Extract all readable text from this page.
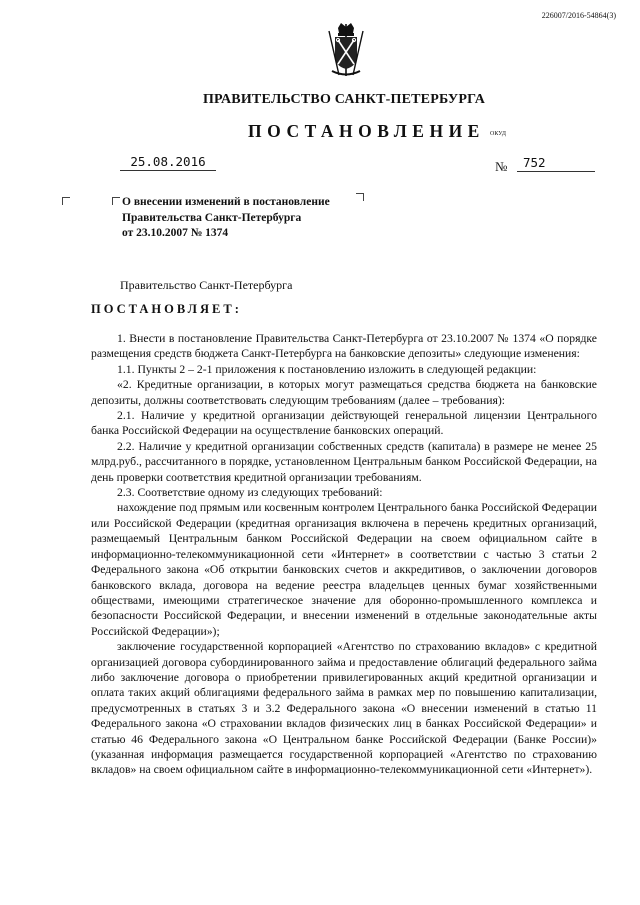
226007/2016-54864(3)
ПРАВИТЕЛЬСТВО САНКТ-ПЕТЕРБУРГА
ПОСТАНОВЛЕНИЕ ОКУД
25.08.2016	№	752
О внесении изменений в постановление
Правительства Санкт-Петербурга
от 23.10.2007 № 1374
Правительство Санкт-Петербурга
ПОСТАНОВЛЯЕТ:

1. Внести в постановление Правительства Санкт-Петербурга от 23.10.2007 № 1374 «О порядке размещения средств бюджета Санкт-Петербурга на банковские депозиты» следующие изменения:

1.1. Пункты 2 – 2-1 приложения к постановлению изложить в следующей редакции:

«2. Кредитные организации, в которых могут размещаться средства бюджета на банковские депозиты, должны соответствовать следующим требованиям (далее – требования):

2.1. Наличие у кредитной организации действующей генеральной лицензии Центрального банка Российской Федерации на осуществление банковских операций.

2.2. Наличие у кредитной организации собственных средств (капитала) в размере не менее 25 млрд.руб., рассчитанного в порядке, установленном Центральным банком Российской Федерации, на день проверки соответствия кредитной организации требованиям.

2.3. Соответствие одному из следующих требований:

нахождение под прямым или косвенным контролем Центрального банка Российской Федерации или Российской Федерации (кредитная организация включена в перечень кредитных организаций, размещаемый Центральным банком Российской Федерации на своем официальном сайте в информационно-телекоммуникационной сети «Интернет» в соответствии с частью 3 статьи 2 Федерального закона «Об открытии банковских счетов и аккредитивов, о заключении договоров банковского вклада, договора на ведение реестра владельцев ценных бумаг хозяйственными обществами, имеющими стратегическое значение для оборонно-промышленного комплекса и безопасности Российской Федерации, и внесении изменений в отдельные законодательные акты Российской Федерации»);

заключение государственной корпорацией «Агентство по страхованию вкладов» с кредитной организацией договора субординированного займа и предоставление облигаций федерального займа либо заключение договора о приобретении привилегированных акций кредитной организации и оплата таких акций облигациями федерального займа в рамках мер по повышению капитализации, предусмотренных в статьях 3 и 3.2 Федерального закона «О внесении изменений в статью 11 Федерального закона «О страховании вкладов физических лиц в банках Российской Федерации» и статью 46 Федерального закона «О Центральном банке Российской Федерации (Банке России)» (указанная информация размещается государственной корпорацией «Агентство по страхованию вкладов» на своем официальном сайте в информационно-телекоммуникационной сети «Интернет»).
